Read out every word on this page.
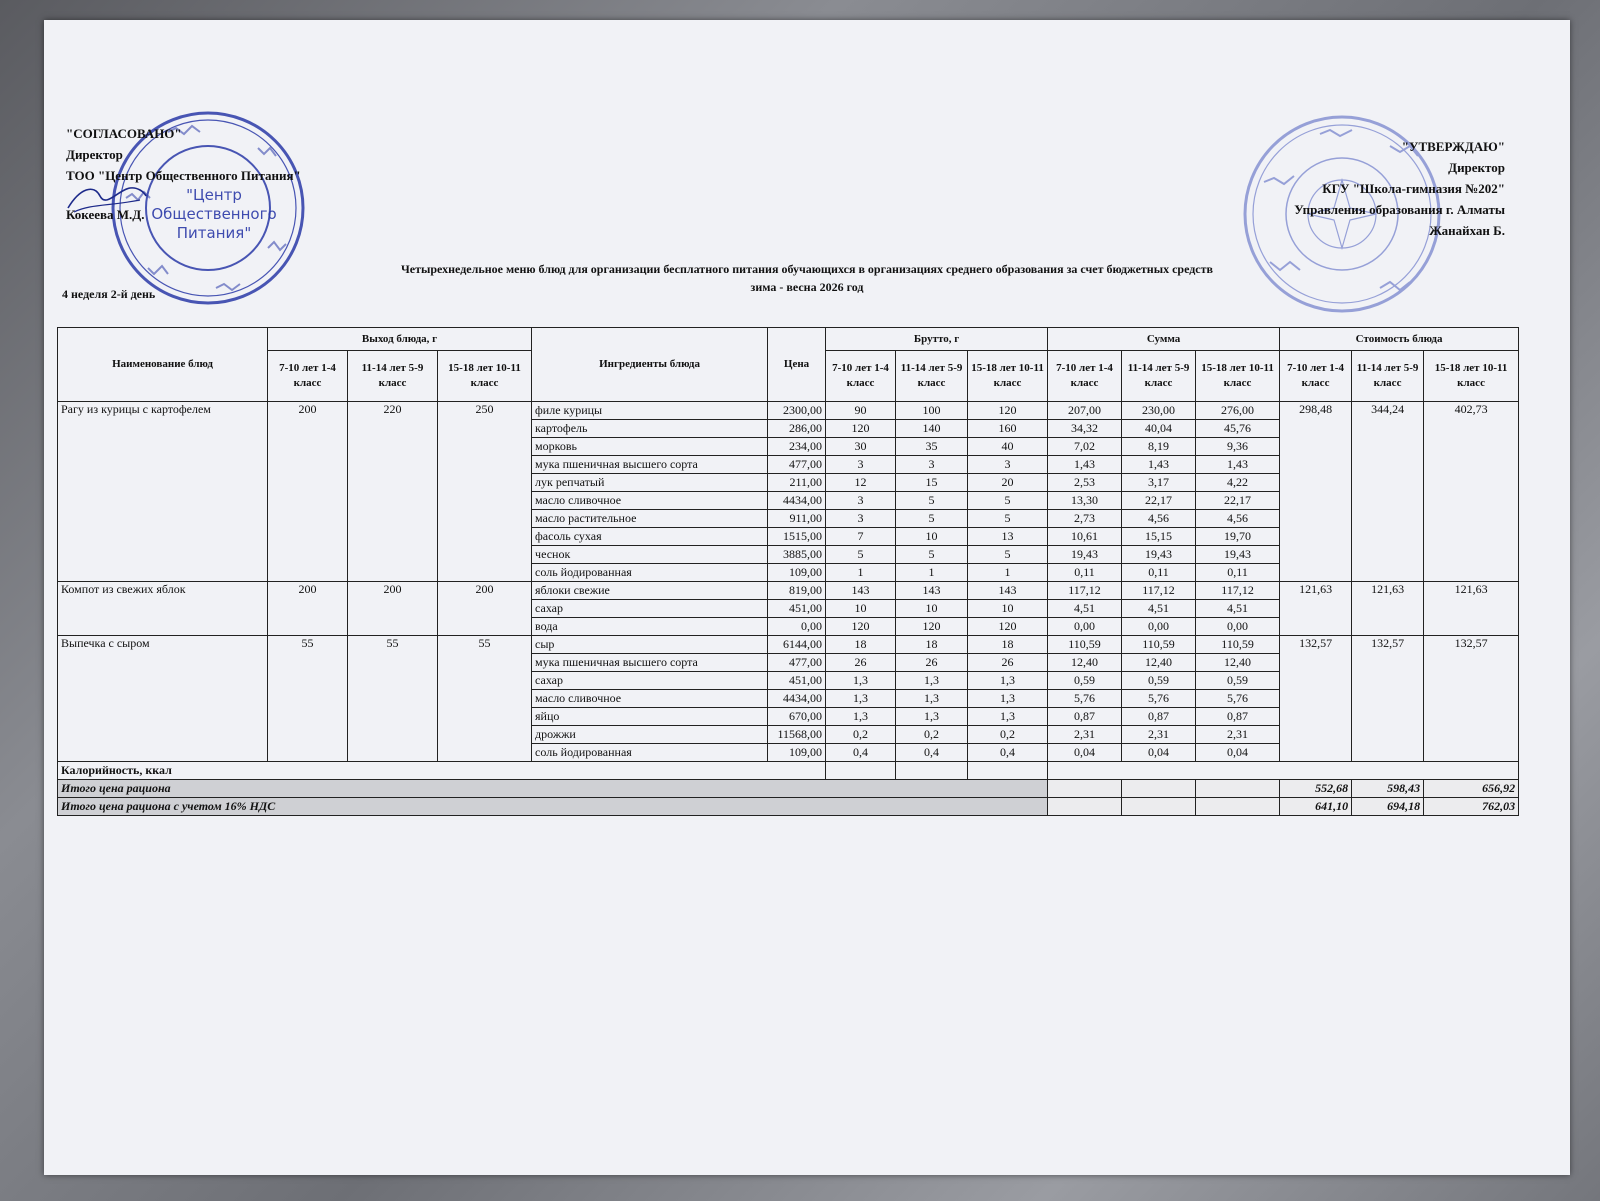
"Центр
Общественного
Питания"
"СОГЛАСОВАНО"
Директор
ТОО "Центр Общественного Питания"
Кокеева М.Д.
"УТВЕРЖДАЮ"
Директор
КГУ "Школа-гимназия №202"
Управления образования г. Алматы
Жанайхан Б.
Четырехнедельное меню блюд для организации бесплатного питания обучающихся в организациях среднего образования за счет бюджетных средств
зима - весна 2026 год
4 неделя 2-й день
Наименование блюд	Выход блюда, г			Ингредиенты блюда	Цена	Брутто, г			Сумма			Стоимость блюда		
	7-10 лет 1-4 класс	11-14 лет 5-9 класс	15-18 лет 10-11 класс			7-10 лет 1-4 класс	11-14 лет 5-9 класс	15-18 лет 10-11 класс	7-10 лет 1-4 класс	11-14 лет 5-9 класс	15-18 лет 10-11 класс	7-10 лет 1-4 класс	11-14 лет 5-9 класс	15-18 лет 10-11 класс
Рагу из курицы с картофелем	200	220	250	филе курицы	2300,00	90	100	120	207,00	230,00	276,00	298,48	344,24	402,73
				картофель	286,00	120	140	160	34,32	40,04	45,76			
				морковь	234,00	30	35	40	7,02	8,19	9,36			
				мука пшеничная высшего сорта	477,00	3	3	3	1,43	1,43	1,43			
				лук репчатый	211,00	12	15	20	2,53	3,17	4,22			
				масло сливочное	4434,00	3	5	5	13,30	22,17	22,17			
				масло растительное	911,00	3	5	5	2,73	4,56	4,56			
				фасоль сухая	1515,00	7	10	13	10,61	15,15	19,70			
				чеснок	3885,00	5	5	5	19,43	19,43	19,43			
				соль йодированная	109,00	1	1	1	0,11	0,11	0,11			
Компот из свежих яблок	200	200	200	яблоки свежие	819,00	143	143	143	117,12	117,12	117,12	121,63	121,63	121,63
				сахар	451,00	10	10	10	4,51	4,51	4,51			
				вода	0,00	120	120	120	0,00	0,00	0,00			
Выпечка с сыром	55	55	55	сыр	6144,00	18	18	18	110,59	110,59	110,59	132,57	132,57	132,57
				мука пшеничная высшего сорта	477,00	26	26	26	12,40	12,40	12,40			
				сахар	451,00	1,3	1,3	1,3	0,59	0,59	0,59			
				масло сливочное	4434,00	1,3	1,3	1,3	5,76	5,76	5,76			
				яйцо	670,00	1,3	1,3	1,3	0,87	0,87	0,87			
				дрожжи	11568,00	0,2	0,2	0,2	2,31	2,31	2,31			
				соль йодированная	109,00	0,4	0,4	0,4	0,04	0,04	0,04			
Калорийность, ккал														
Итого цена рациона												552,68	598,43	656,92
Итого цена рациона с учетом 16% НДС												641,10	694,18	762,03
